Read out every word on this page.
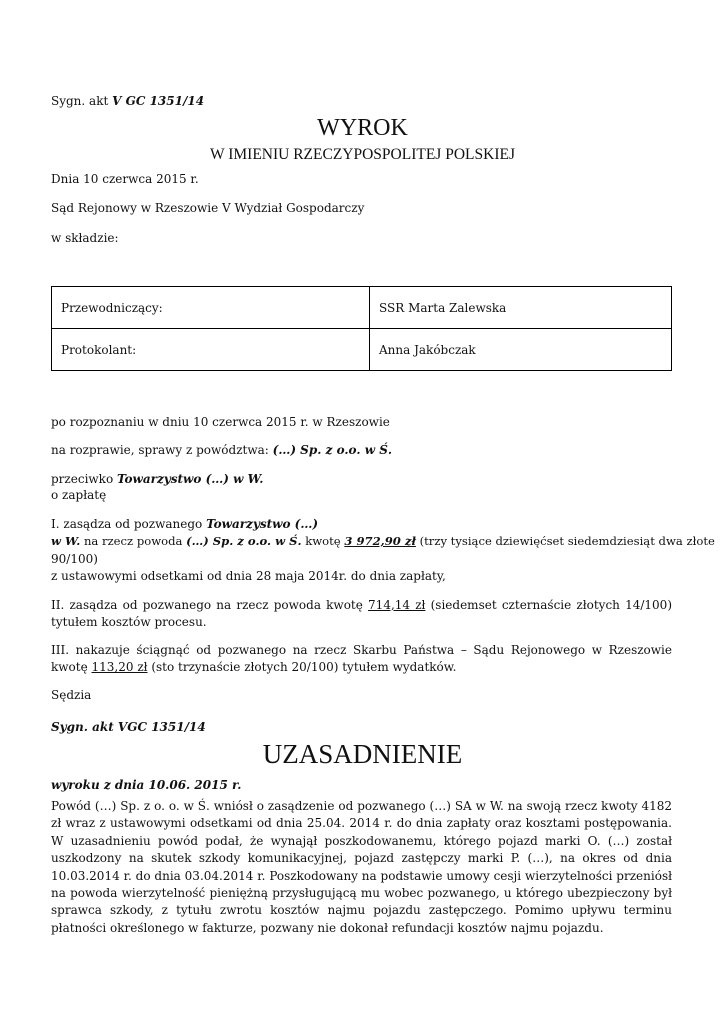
Sygn. akt V GC 1351/14
WYROK
W IMIENIU RZECZYPOSPOLITEJ POLSKIEJ
Dnia 10 czerwca 2015 r.
Sąd Rejonowy w Rzeszowie V Wydział Gospodarczy
w składzie:
Przewodniczący:	SSR Marta Zalewska
Protokolant:	Anna Jakóbczak
po rozpoznaniu w dniu 10 czerwca 2015 r. w Rzeszowie
na rozprawie, sprawy z powództwa: (…) Sp. z o.o. w Ś.
przeciwko Towarzystwo (…) w W.
o zapłatę
I. zasądza od pozwanego Towarzystwo (…)
w W. na rzecz powoda (…) Sp. z o.o. w Ś. kwotę 3 972,90 zł (trzy tysiące dziewięćset siedemdziesiąt dwa złote
90/100)
z ustawowymi odsetkami od dnia 28 maja 2014r. do dnia zapłaty,
II. zasądza od pozwanego na rzecz powoda kwotę 714,14 zł (siedemset czternaście złotych 14/100) tytułem kosztów procesu.
III. nakazuje ściągnąć od pozwanego na rzecz Skarbu Państwa – Sądu Rejonowego w Rzeszowie kwotę 113,20 zł (sto trzynaście złotych 20/100) tytułem wydatków.
Sędzia
Sygn. akt VGC 1351/14
UZASADNIENIE
wyroku z dnia 10.06. 2015 r.
Powód (…) Sp. z o. o. w Ś. wniósł o zasądzenie od pozwanego (…) SA w W. na swoją rzecz kwoty 4182 zł wraz z ustawowymi odsetkami od dnia 25.04. 2014 r. do dnia zapłaty oraz kosztami postępowania. W uzasadnieniu powód podał, że wynajął poszkodowanemu, którego pojazd marki O. (…) został uszkodzony na skutek szkody komunikacyjnej, pojazd zastępczy marki P. (…), na okres od dnia 10.03.2014 r. do dnia 03.04.2014 r. Poszkodowany na podstawie umowy cesji wierzytelności przeniósł na powoda wierzytelność pieniężną przysługującą mu wobec pozwanego, u którego ubezpieczony był sprawca szkody, z tytułu zwrotu kosztów najmu pojazdu zastępczego. Pomimo upływu terminu płatności określonego w fakturze, pozwany nie dokonał refundacji kosztów najmu pojazdu.
